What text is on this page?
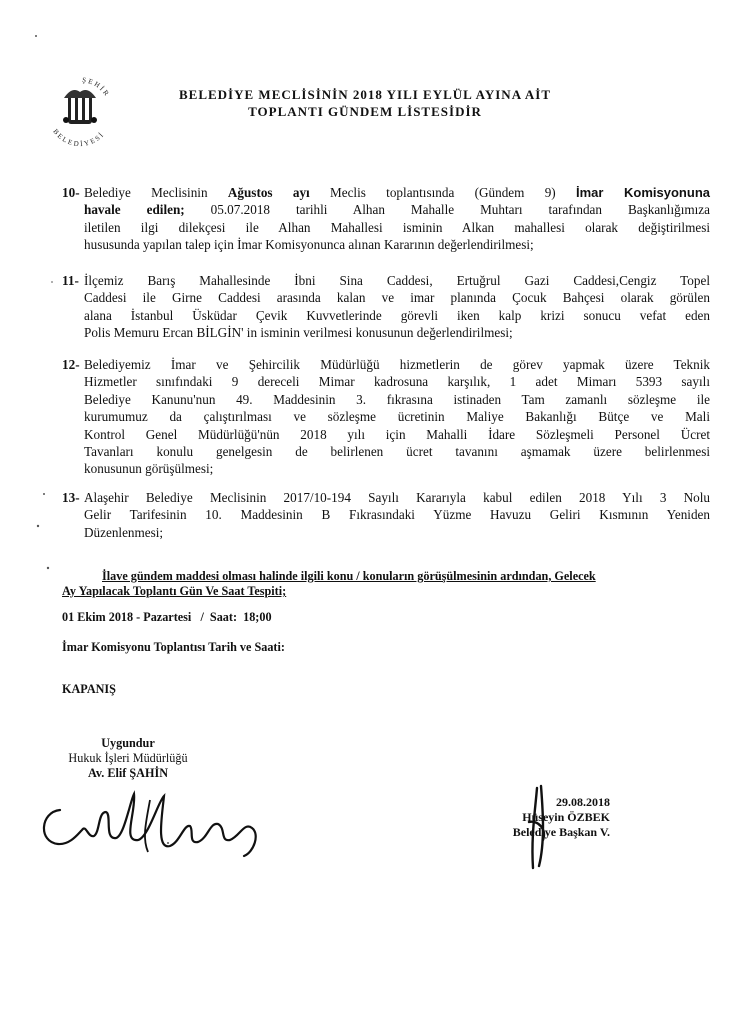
ŞEHİR
BELEDİYESİ
BELEDİYE MECLİSİNİN 2018 YILI EYLÜL AYINA AİT
TOPLANTI GÜNDEM LİSTESİDİR
10- Belediye Meclisinin Ağustos ayı Meclis toplantısında (Gündem 9) İmar Komisyonuna
havale edilen; 05.07.2018 tarihli Alhan Mahalle Muhtarı tarafından Başkanlığımıza
iletilen ilgi dilekçesi ile Alhan Mahallesi isminin Alkan mahallesi olarak değiştirilmesi
hususunda yapılan talep için İmar Komisyonunca alınan Kararının değerlendirilmesi;
11- İlçemiz Barış Mahallesinde İbni Sina Caddesi, Ertuğrul Gazi Caddesi,Cengiz Topel
Caddesi ile Girne Caddesi arasında kalan ve imar planında Çocuk Bahçesi olarak görülen
alana İstanbul Üsküdar Çevik Kuvvetlerinde görevli iken kalp krizi sonucu vefat eden
Polis Memuru Ercan BİLGİN' in isminin verilmesi konusunun değerlendirilmesi;
12- Belediyemiz İmar ve Şehircilik Müdürlüğü hizmetlerin de görev yapmak üzere Teknik
Hizmetler sınıfındaki 9 dereceli Mimar kadrosuna karşılık, 1 adet Mimarı 5393 sayılı
Belediye Kanunu'nun 49. Maddesinin 3. fıkrasına istinaden Tam zamanlı sözleşme ile
kurumumuz da çalıştırılması ve sözleşme ücretinin Maliye Bakanlığı Bütçe ve Mali
Kontrol Genel Müdürlüğü'nün 2018 yılı için Mahalli İdare Sözleşmeli Personel Ücret
Tavanları konulu genelgesin de belirlenen ücret tavanını aşmamak üzere belirlenmesi
konusunun görüşülmesi;
13- Alaşehir Belediye Meclisinin 2017/10-194 Sayılı Kararıyla kabul edilen 2018 Yılı 3 Nolu
Gelir Tarifesinin 10. Maddesinin B Fıkrasındaki Yüzme Havuzu Geliri Kısmının Yeniden
Düzenlenmesi;
İlave gündem maddesi olması halinde ilgili konu / konuların görüşülmesinin ardından, Gelecek
Ay Yapılacak Toplantı Gün Ve Saat Tespiti;
01 Ekim 2018 - Pazartesi   /  Saat:  18;00
İmar Komisyonu Toplantısı Tarih ve Saati:
KAPANIŞ
Uygundur
Hukuk İşleri Müdürlüğü
Av. Elif ŞAHİN
29.08.2018
Hüseyin ÖZBEK
Belediye Başkan V.
